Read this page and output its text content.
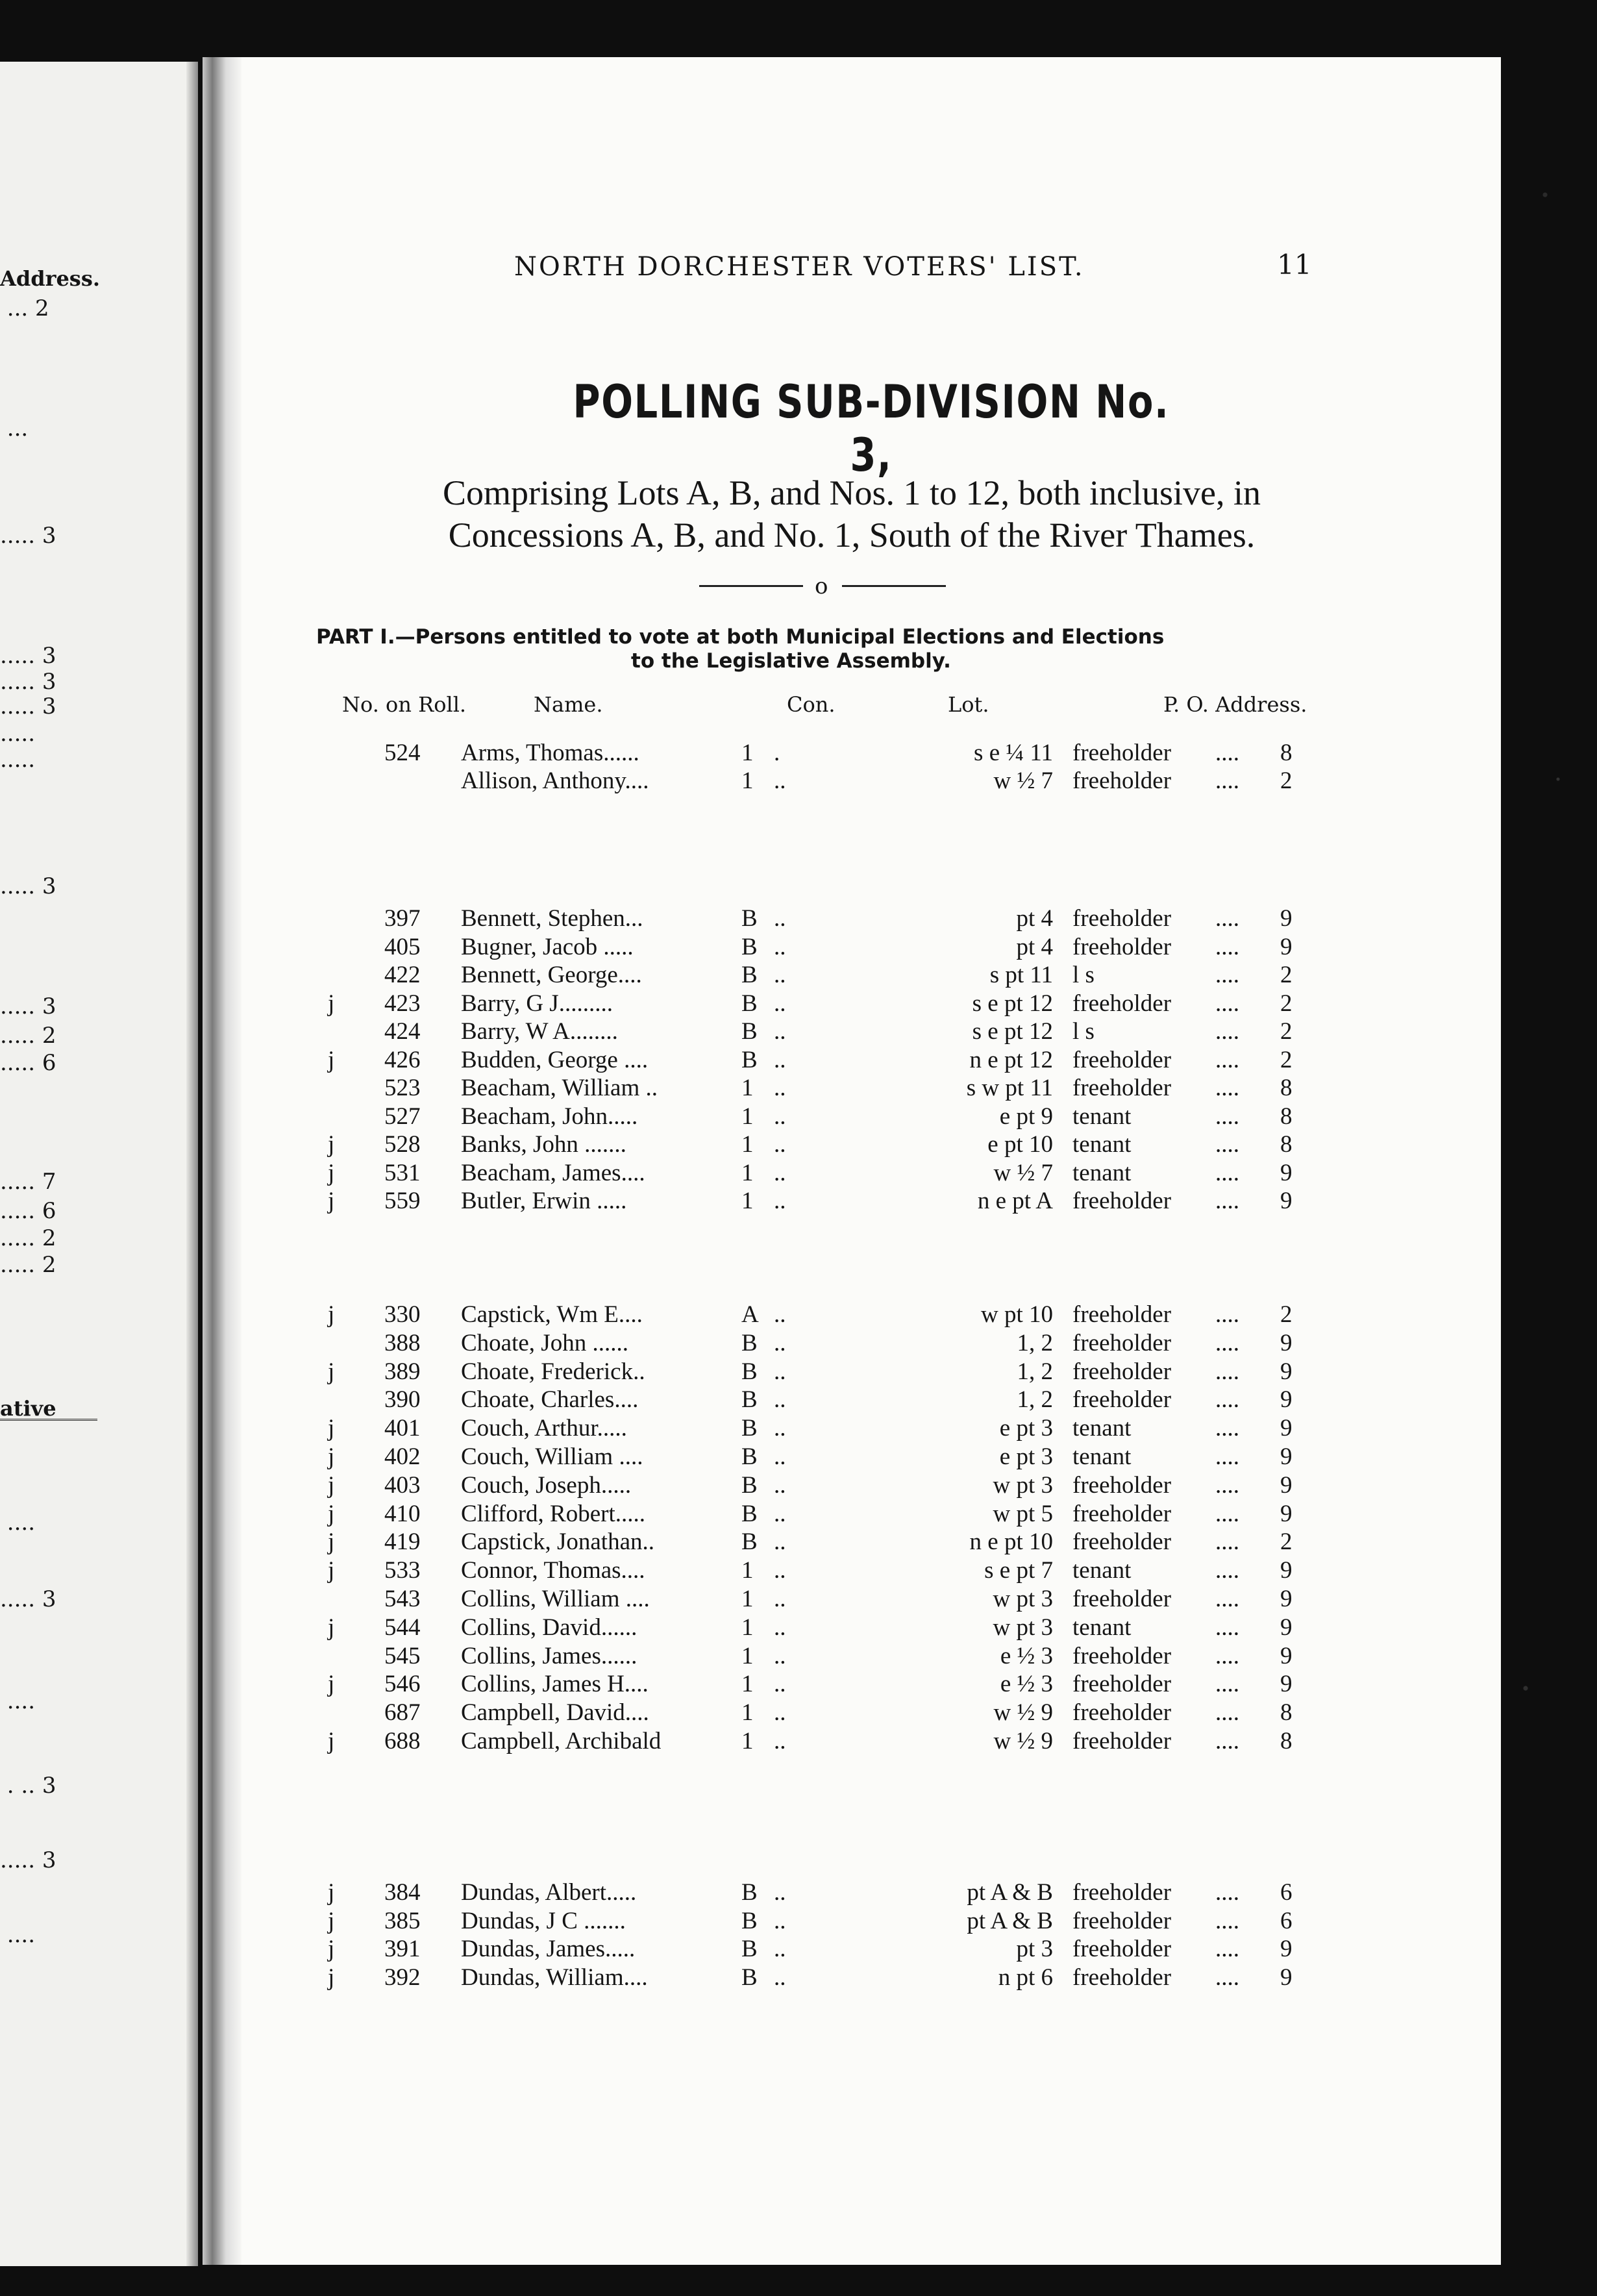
Address.
... 2
...
..... 3
..... 3
..... 3
..... 3
.....
.....
..... 3
..... 3
..... 2
..... 6
..... 7
..... 6
..... 2
..... 2
ative
....
..... 3
....
. .. 3
..... 3
....
NORTH DORCHESTER VOTERS' LIST.	11
POLLING SUB-DIVISION No. 3,
Comprising Lots A, B, and Nos. 1 to 12, both inclusive, in
Concessions A, B, and No. 1, South of the River Thames.
o
PART I.—Persons entitled to vote at both Municipal Elections and Elections
to the Legislative Assembly.
No. on Roll.	Name.	Con.	Lot.	P. O. Address.
524 Arms, Thomas......	1 .	s e ¼ 11 freeholder .... 8
Allison, Anthony....	1 ..	w ½ 7 freeholder .... 2
397 Bennett, Stephen...	B ..	pt 4 freeholder .... 9
405 Bugner, Jacob .....	B ..	pt 4 freeholder .... 9
422 Bennett, George....	B ..	s pt 11 l s	.... 2
j 423 Barry, G J.........	B ..	s e pt 12 freeholder .... 2
424 Barry, W A........	B ..	s e pt 12 l s	.... 2
j 426 Budden, George ....	B ..	n e pt 12 freeholder .... 2
523 Beacham, William ..	1 ..	s w pt 11 freeholder .... 8
527 Beacham, John.....	1 ..	e pt 9 tenant	.... 8
j 528 Banks, John .......	1 ..	e pt 10 tenant	.... 8
j 531 Beacham, James....	1 ..	w ½ 7 tenant	.... 9
j 559 Butler, Erwin .....	1 ..	n e pt A freeholder .... 9
j 330 Capstick, Wm E....	A ..	w pt 10 freeholder .... 2
388 Choate, John ......	B ..	1, 2 freeholder .... 9
j 389 Choate, Frederick..	B ..	1, 2 freeholder .... 9
390 Choate, Charles....	B ..	1, 2 freeholder .... 9
j 401 Couch, Arthur.....	B ..	e pt 3 tenant	.... 9
j 402 Couch, William ....	B ..	e pt 3 tenant	.... 9
j 403 Couch, Joseph.....	B ..	w pt 3 freeholder .... 9
j 410 Clifford, Robert.....	B ..	w pt 5 freeholder .... 9
j 419 Capstick, Jonathan..	B ..	n e pt 10 freeholder .... 2
j 533 Connor, Thomas....	1 ..	s e pt 7 tenant	.... 9
543 Collins, William ....	1 ..	w pt 3 freeholder .... 9
j 544 Collins, David......	1 ..	w pt 3 tenant	.... 9
545 Collins, James......	1 ..	e ½ 3 freeholder .... 9
j 546 Collins, James H....	1 ..	e ½ 3 freeholder .... 9
687 Campbell, David....	1 ..	w ½ 9 freeholder .... 8
j 688 Campbell, Archibald	1 ..	w ½ 9 freeholder .... 8
j 384 Dundas, Albert.....	B ..	pt A & B freeholder .... 6
j 385 Dundas, J C .......	B ..	pt A & B freeholder .... 6
j 391 Dundas, James.....	B ..	pt 3 freeholder .... 9
j 392 Dundas, William....	B ..	n pt 6 freeholder .... 9
